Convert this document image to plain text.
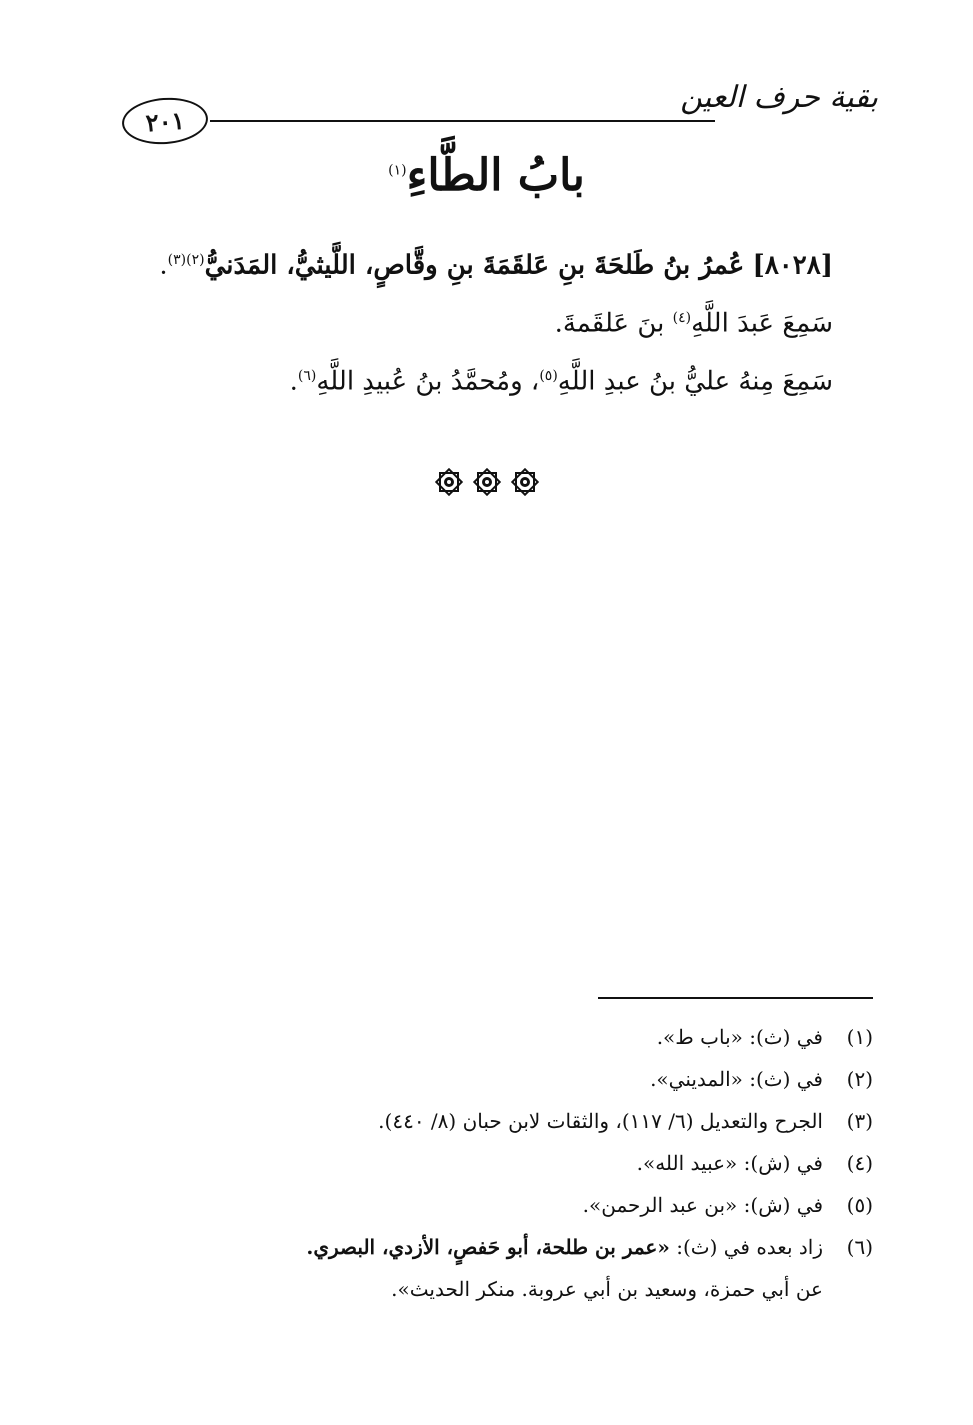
بقية حرف العين
٢٠١
بابُ الطَّاءِ$^{(١)}$
[٨٠٢٨] عُمرُ بنُ طَلحَةَ بنِ عَلقَمَةَ بنِ وقَّاصٍ، اللَّيثيُّ، المَدَنيُّ$^{(٢)(٣)}$.
سَمِعَ عَبدَ اللَّهِ$^{(٤)}$ بنَ عَلقَمةَ.
سَمِعَ مِنهُ عليُّ بنُ عبدِ اللَّهِ$^{(٥)}$، ومُحمَّدُ بنُ عُبيدِ اللَّهِ$^{(٦)}$.
(١)في (ث): «باب ط».
(٢)في (ث): «المديني».
(٣)الجرح والتعديل (٦/ ١١٧)، والثقات لابن حبان (٨/ ٤٤٠).
(٤)في (ش): «عبيد الله».
(٥)في (ش): «بن عبد الرحمن».
(٦)زاد بعده في (ث): «عمر بن طلحة، أبو حَفصٍ، الأزدي، البصري.
عن أبي حمزة، وسعيد بن أبي عروبة. منكر الحديث».
